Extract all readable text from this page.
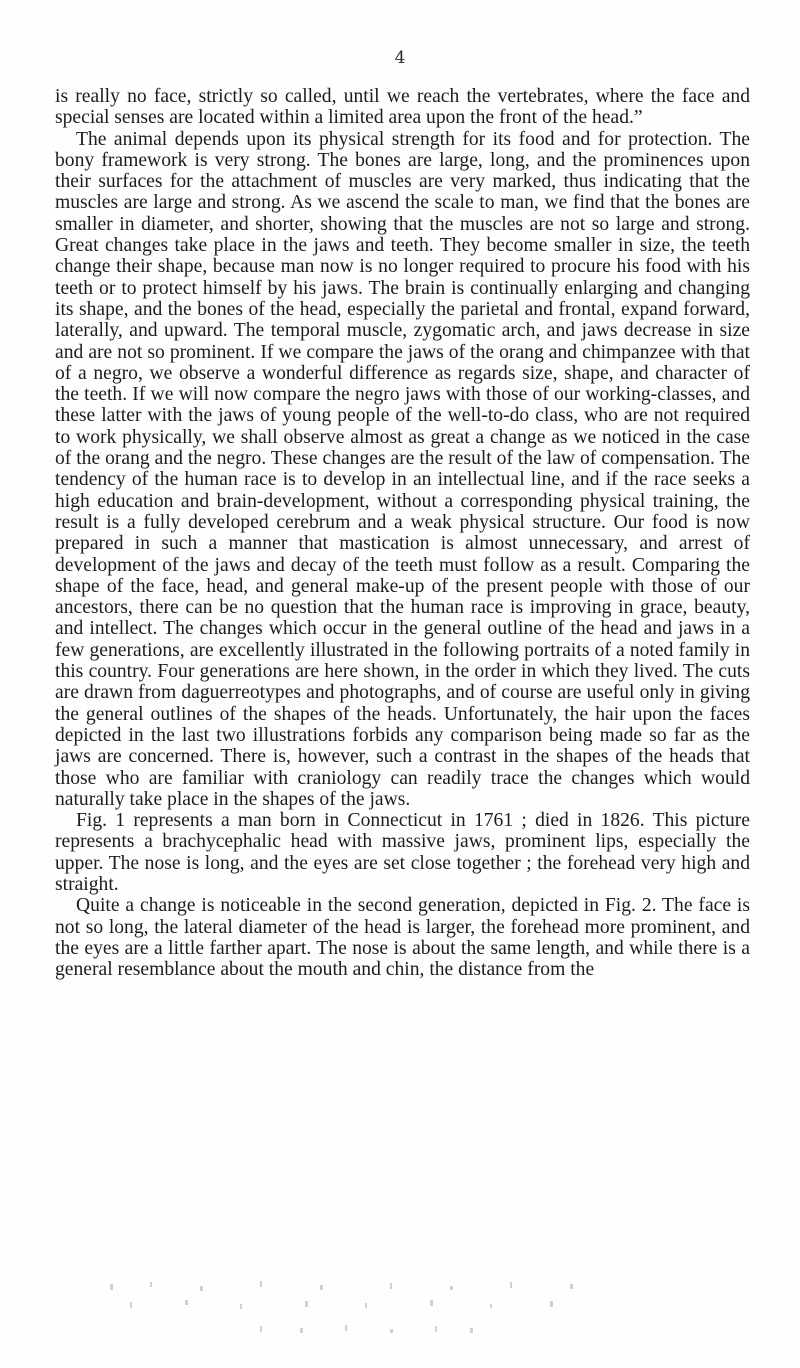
4

is really no face, strictly so called, until we reach the vertebrates, where the face and special senses are located within a limited area upon the front of the head.”

The animal depends upon its physical strength for its food and for protection. The bony framework is very strong. The bones are large, long, and the prominences upon their surfaces for the attachment of muscles are very marked, thus indicating that the muscles are large and strong. As we ascend the scale to man, we find that the bones are smaller in diameter, and shorter, showing that the muscles are not so large and strong. Great changes take place in the jaws and teeth. They become smaller in size, the teeth change their shape, because man now is no longer required to procure his food with his teeth or to protect himself by his jaws. The brain is continually enlarging and changing its shape, and the bones of the head, especially the parietal and frontal, expand forward, laterally, and upward. The temporal muscle, zygomatic arch, and jaws decrease in size and are not so prominent. If we compare the jaws of the orang and chimpanzee with that of a negro, we observe a wonderful difference as regards size, shape, and character of the teeth. If we will now compare the negro jaws with those of our working-classes, and these latter with the jaws of young people of the well-to-do class, who are not required to work physically, we shall observe almost as great a change as we noticed in the case of the orang and the negro. These changes are the result of the law of compensation. The tendency of the human race is to develop in an intellectual line, and if the race seeks a high education and brain-development, without a corresponding physical training, the result is a fully developed cerebrum and a weak physical structure. Our food is now prepared in such a manner that mastication is almost unnecessary, and arrest of development of the jaws and decay of the teeth must follow as a result. Comparing the shape of the face, head, and general make-up of the present people with those of our ancestors, there can be no question that the human race is improving in grace, beauty, and intellect. The changes which occur in the general outline of the head and jaws in a few generations, are excellently illustrated in the following portraits of a noted family in this country. Four generations are here shown, in the order in which they lived. The cuts are drawn from daguerreotypes and photographs, and of course are useful only in giving the general outlines of the shapes of the heads. Unfortunately, the hair upon the faces depicted in the last two illustrations forbids any comparison being made so far as the jaws are concerned. There is, however, such a contrast in the shapes of the heads that those who are familiar with craniology can readily trace the changes which would naturally take place in the shapes of the jaws.

Fig. 1 represents a man born in Connecticut in 1761 ; died in 1826. This picture represents a brachycephalic head with massive jaws, prominent lips, especially the upper. The nose is long, and the eyes are set close together ; the forehead very high and straight.

Quite a change is noticeable in the second generation, depicted in Fig. 2. The face is not so long, the lateral diameter of the head is larger, the forehead more prominent, and the eyes are a little farther apart. The nose is about the same length, and while there is a general resemblance about the mouth and chin, the distance from the
